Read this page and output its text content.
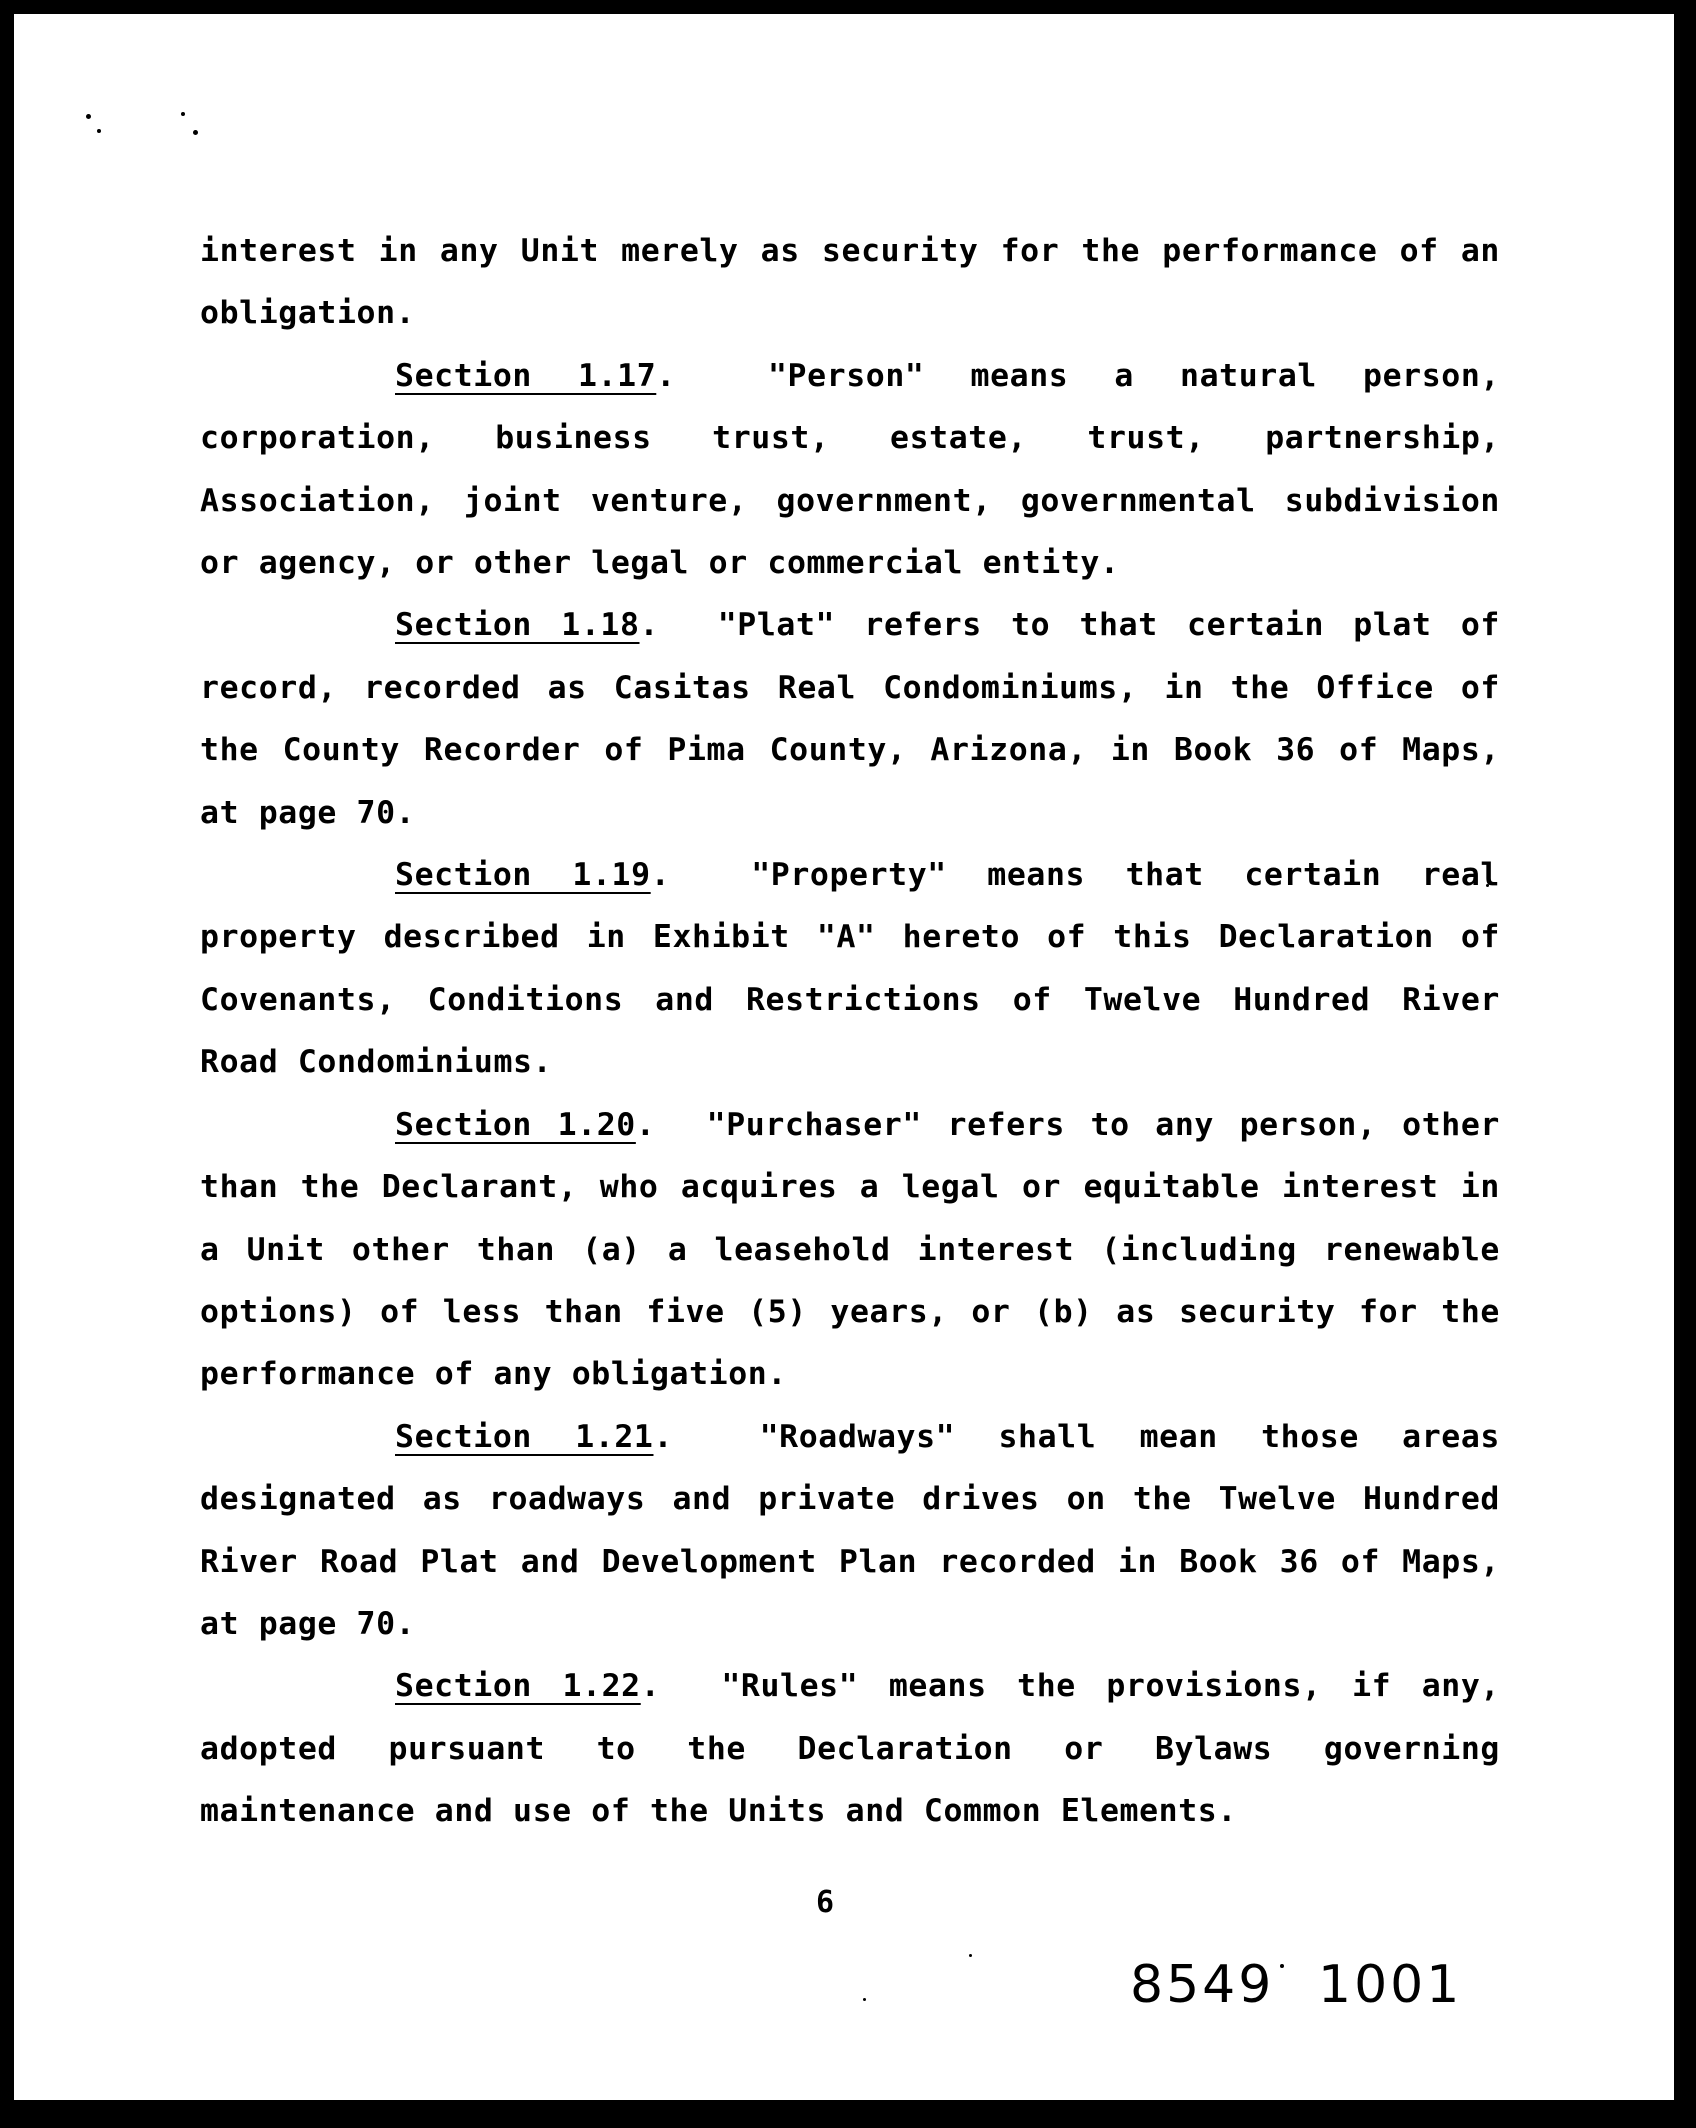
interest in any Unit merely as security for the performance of an obligation.

Section 1.17.  "Person" means a natural person, corporation, business trust, estate, trust, partnership, Association, joint venture, government, governmental subdivision or agency, or other legal or commercial entity.

Section 1.18.  "Plat" refers to that certain plat of record, recorded as Casitas Real Condominiums, in the Office of the County Recorder of Pima County, Arizona, in Book 36 of Maps, at page 70.

Section 1.19.  "Property" means that certain real property described in Exhibit "A" hereto of this Declaration of Covenants, Conditions and Restrictions of Twelve Hundred River Road Condominiums.

Section 1.20.  "Purchaser" refers to any person, other than the Declarant, who acquires a legal or equitable interest in a Unit other than (a) a leasehold interest (including renewable options) of less than five (5) years, or (b) as security for the performance of any obligation.

Section 1.21.  "Roadways" shall mean those areas designated as roadways and private drives on the Twelve Hundred River Road Plat and Development Plan recorded in Book 36 of Maps, at page 70.

Section 1.22.  "Rules" means the provisions, if any, adopted pursuant to the Declaration or Bylaws governing maintenance and use of the Units and Common Elements.

6
8549 1001
